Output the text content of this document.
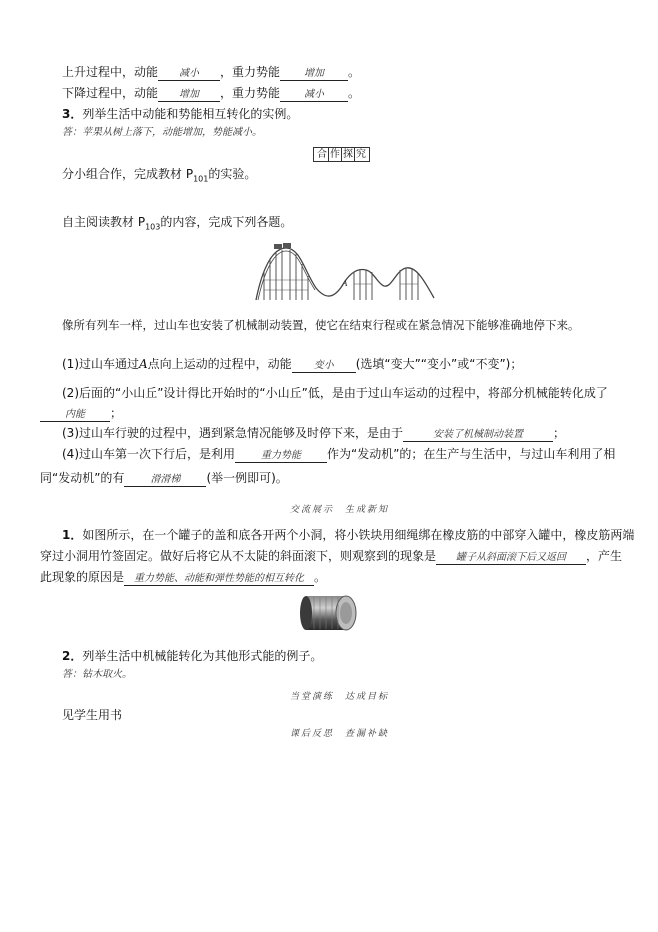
上升过程中，动能 减小 ，重力势能 增加 。
下降过程中，动能 增加 ，重力势能 减小 。
3．列举生活中动能和势能相互转化的实例。
答：苹果从树上落下，动能增加，势能减小。
合 作 探 究
分小组合作，完成教材 $P_{101}$的实验。
自主阅读教材 $P_{103}$的内容，完成下列各题。
A
像所有列车一样，过山车也安装了机械制动装置，使它在结束行程或在紧急情况下能够准确地停下来。
(1)过山车通过A点向上运动的过程中，动能 变小 (选填“变大”“变小”或“不变”)；
(2)后面的“小山丘”设计得比开始时的“小山丘”低，是由于过山车运动的过程中，将部分机械能转化成了
内能 ；
(3)过山车行驶的过程中，遇到紧急情况能够及时停下来，是由于	安装了机械制动装置	；
(4)过山车第一次下行后，是利用	重力势能 作为“发动机”的；在生产与生活中，与过山车利用了相
同“发动机”的有	滑滑梯 (举一例即可)。
交流展示　生成新知
1．如图所示，在一个罐子的盖和底各开两个小洞，将小铁块用细绳绑在橡皮筋的中部穿入罐中，橡皮筋两端
穿过小洞用竹签固定。做好后将它从不太陡的斜面滚下，则观察到的现象是 罐子从斜面滚下后又返回 ，产生
此现象的原因是 重力势能、动能和弹性势能的相互转化 。
2．列举生活中机械能转化为其他形式能的例子。
答：钻木取火。
当堂演练　达成目标
见学生用书
课后反思　查漏补缺
